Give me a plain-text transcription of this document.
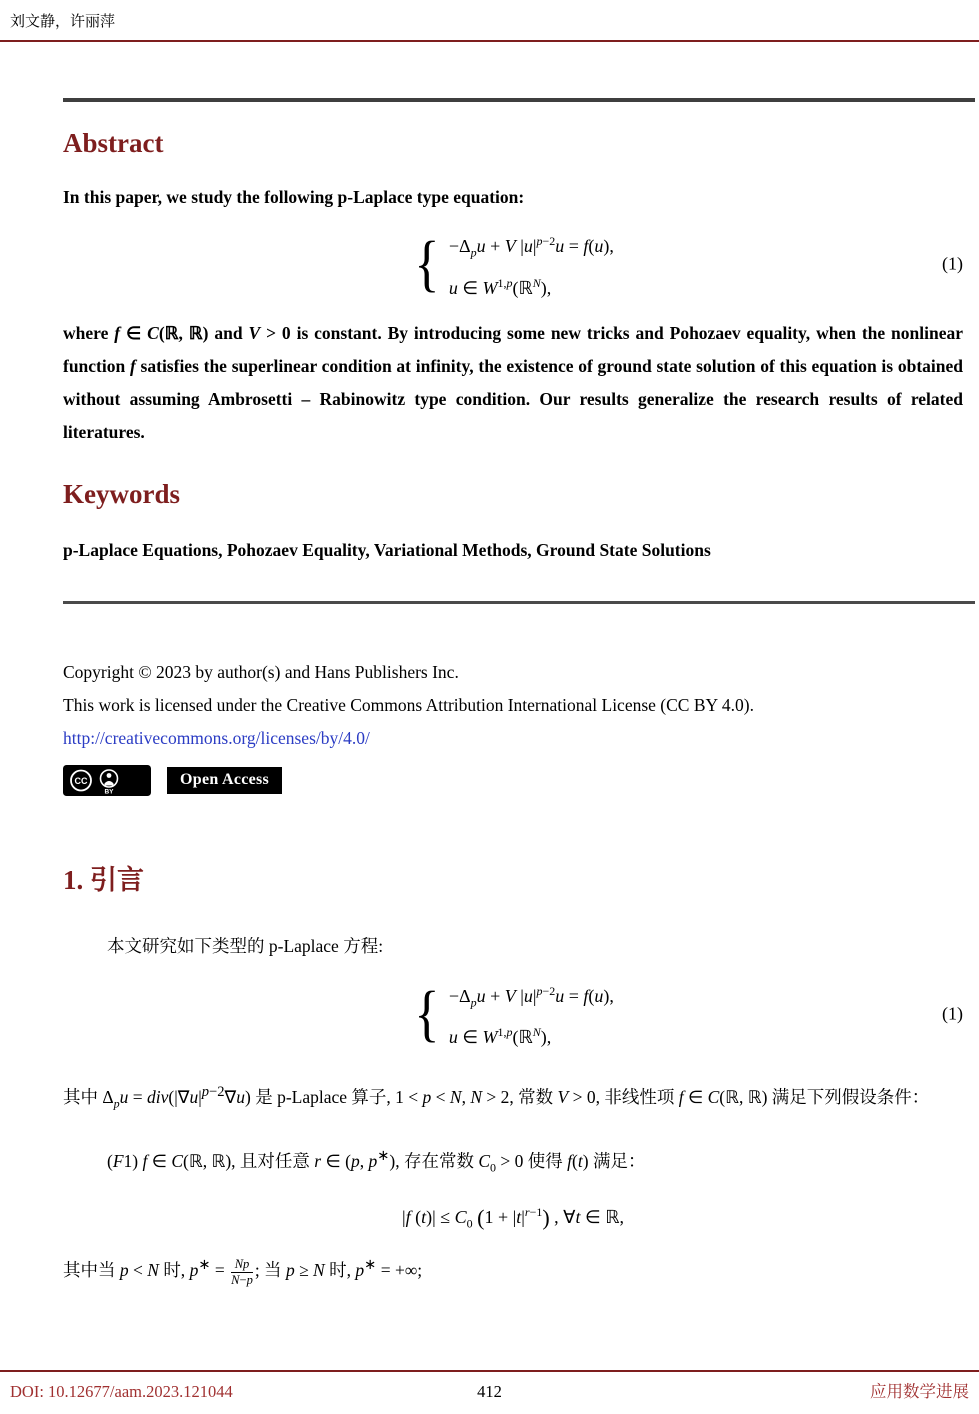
刘文静，许丽萍
Abstract

In this paper, we study the following p-Laplace type equation:

{ $-\Delta_pu + V$ $|u|^{p-2}u = f(u)$,
u ∈ W$^{1,p}$(ℝ$^N$),
(1)

where f ∈ C(ℝ, ℝ) and V > 0 is constant. By introducing some new tricks and Pohozaev equality, when the nonlinear function f satisfies the superlinear condition at infinity, the existence of ground state solution of this equation is obtained without assuming Ambrosetti – Rabinowitz type condition. Our results generalize the research results of related literatures.

Keywords

p-Laplace Equations, Pohozaev Equality, Variational Methods, Ground State Solutions

Copyright © 2023 by author(s) and Hans Publishers Inc.
This work is licensed under the Creative Commons Attribution International License (CC BY 4.0).
http://creativecommons.org/licenses/by/4.0/
CC
BY
Open Access
1. 引言

本文研究如下类型的 p-Laplace 方程:

{ $-\Delta_pu + V$ $|u|^{p-2}u = f(u)$,
u ∈ W$^{1,p}$(ℝ$^N$),
(1)

其中 $\Delta_pu = div(|\nabla u|^{p-2}\nabla u)$ 是 p-Laplace 算子, 1 < p < N, N > 2, 常数 V > 0, 非线性项 f ∈ C(ℝ, ℝ) 满足下列假设条件：

(F1) f ∈ C(ℝ, ℝ), 且对任意 r ∈ (p, p∗), 存在常数 $C_0 > 0$ 使得 f(t) 满足：

|f $(t)| \le C_0$ $(1 + |t|^{r-1})$ , ∀t ∈ ℝ,

其中当 p < N 时, $p^∗ = \frac{Np}{N-p}$ ; 当 p ≥ N 时, p∗ = +∞;

DOI: 10.12677/aam.2023.121044	412	应用数学进展
